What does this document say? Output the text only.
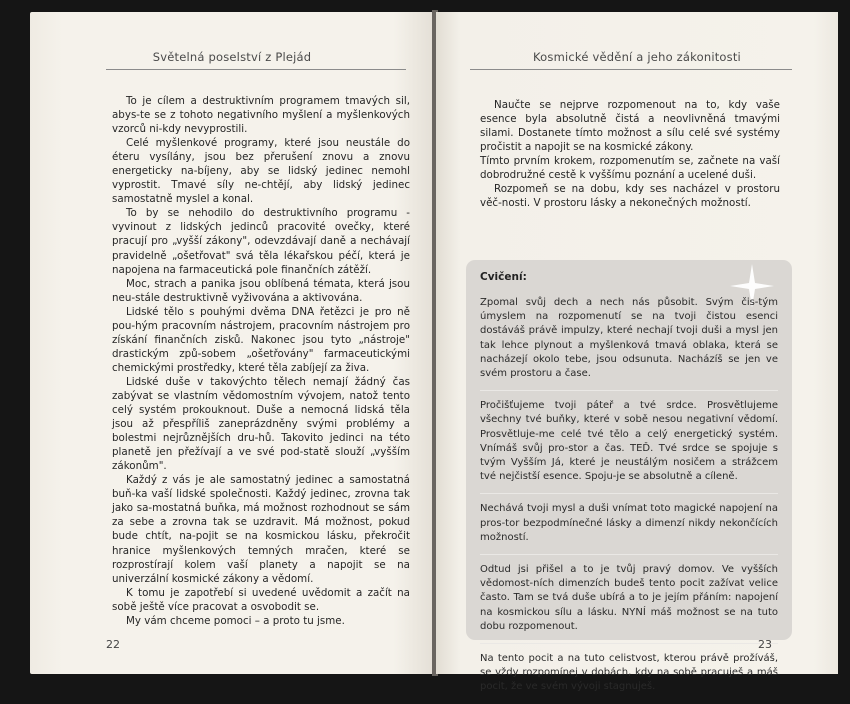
Světelná poselství z Plejád

To je cílem a destruktivním programem tmavých sil, abys-te se z tohoto negativního myšlení a myšlenkových vzorců ni-kdy nevyprostili.

Celé myšlenkové programy, které jsou neustále do éteru vysílány, jsou bez přerušení znovu a znovu energeticky na-bíjeny, aby se lidský jedinec nemohl vyprostit. Tmavé síly ne-chtějí, aby lidský jedinec samostatně myslel a konal.

To by se nehodilo do destruktivního programu - vyvinout z lidských jedinců pracovité ovečky, které pracují pro „vyšší zákony", odevzdávají daně a nechávají pravidelně „ošetřovat" svá těla lékařskou péčí, která je napojena na farmaceutická pole finančních zátěží.

Moc, strach a panika jsou oblíbená témata, která jsou neu-stále destruktivně vyživována a aktivována.

Lidské tělo s pouhými dvěma DNA řetězci je pro ně pou-hým pracovním nástrojem, pracovním nástrojem pro získání finančních zisků. Nakonec jsou tyto „nástroje" drastickým způ-sobem „ošetřovány" farmaceutickými chemickými prostředky, které těla zabíjejí za živa.

Lidské duše v takovýchto tělech nemají žádný čas zabývat se vlastním vědomostním vývojem, natož tento celý systém prokouknout. Duše a nemocná lidská těla jsou až přespříliš zaneprázdněny svými problémy a bolestmi nejrůznějších dru-hů. Takovito jedinci na této planetě jen přežívají a ve své pod-statě slouží „vyšším zákonům".

Každý z vás je ale samostatný jedinec a samostatná buň-ka vaší lidské společnosti. Každý jedinec, zrovna tak jako sa-mostatná buňka, má možnost rozhodnout se sám za sebe a zrovna tak se uzdravit. Má možnost, pokud bude chtít, na-pojit se na kosmickou lásku, překročit hranice myšlenkových temných mračen, které se rozprostírají kolem vaší planety a napojit se na univerzální kosmické zákony a vědomí.

K tomu je zapotřebí si uvedené uvědomit a začít na sobě ještě více pracovat a osvobodit se.

My vám chceme pomoci – a proto tu jsme.

22
Kosmické vědění a jeho zákonitosti

Naučte se nejprve rozpomenout na to, kdy vaše esence byla absolutně čistá a neovlivněná tmavými silami. Dostanete tímto možnost a sílu celé své systémy pročistit a napojit se na kosmické zákony.

Tímto prvním krokem, rozpomenutím se, začnete na vaší dobrodružné cestě k vyššímu poznání a ucelené duši.

Rozpomeň se na dobu, kdy ses nacházel v prostoru věč-nosti. V prostoru lásky a nekonečných možností.

Cvičení:

Zpomal svůj dech a nech nás působit. Svým čis-tým úmyslem na rozpomenutí se na tvoji čistou esenci dostáváš právě impulzy, které nechají tvoji duši a mysl jen tak lehce plynout a myšlenková tmavá oblaka, která se nacházejí okolo tebe, jsou odsunuta. Nacházíš se jen ve svém prostoru a čase.

Pročišťujeme tvoji páteř a tvé srdce. Prosvětlujeme všechny tvé buňky, které v sobě nesou negativní vědomí. Prosvětluje-me celé tvé tělo a celý energetický systém. Vnímáš svůj pro-stor a čas. TEĎ. Tvé srdce se spojuje s tvým Vyšším Já, které je neustálým nosičem a strážcem tvé nejčistší esence. Spoju-je se absolutně a cíleně.

Nechává tvoji mysl a duši vnímat toto magické napojení na pros-tor bezpodmínečné lásky a dimenzí nikdy nekončících možností.

Odtud jsi přišel a to je tvůj pravý domov. Ve vyšších vědomost-ních dimenzích budeš tento pocit zažívat velice často. Tam se tvá duše ubírá a to je jejím přáním: napojení na kosmickou sílu a lásku. NYNÍ máš možnost se na tuto dobu rozpomenout.

Na tento pocit a na tuto celistvost, kterou právě prožíváš, se vždy rozpomínej v dobách, kdy na sobě pracuješ a máš pocit, že ve svém vývoji stagnuješ.

23
